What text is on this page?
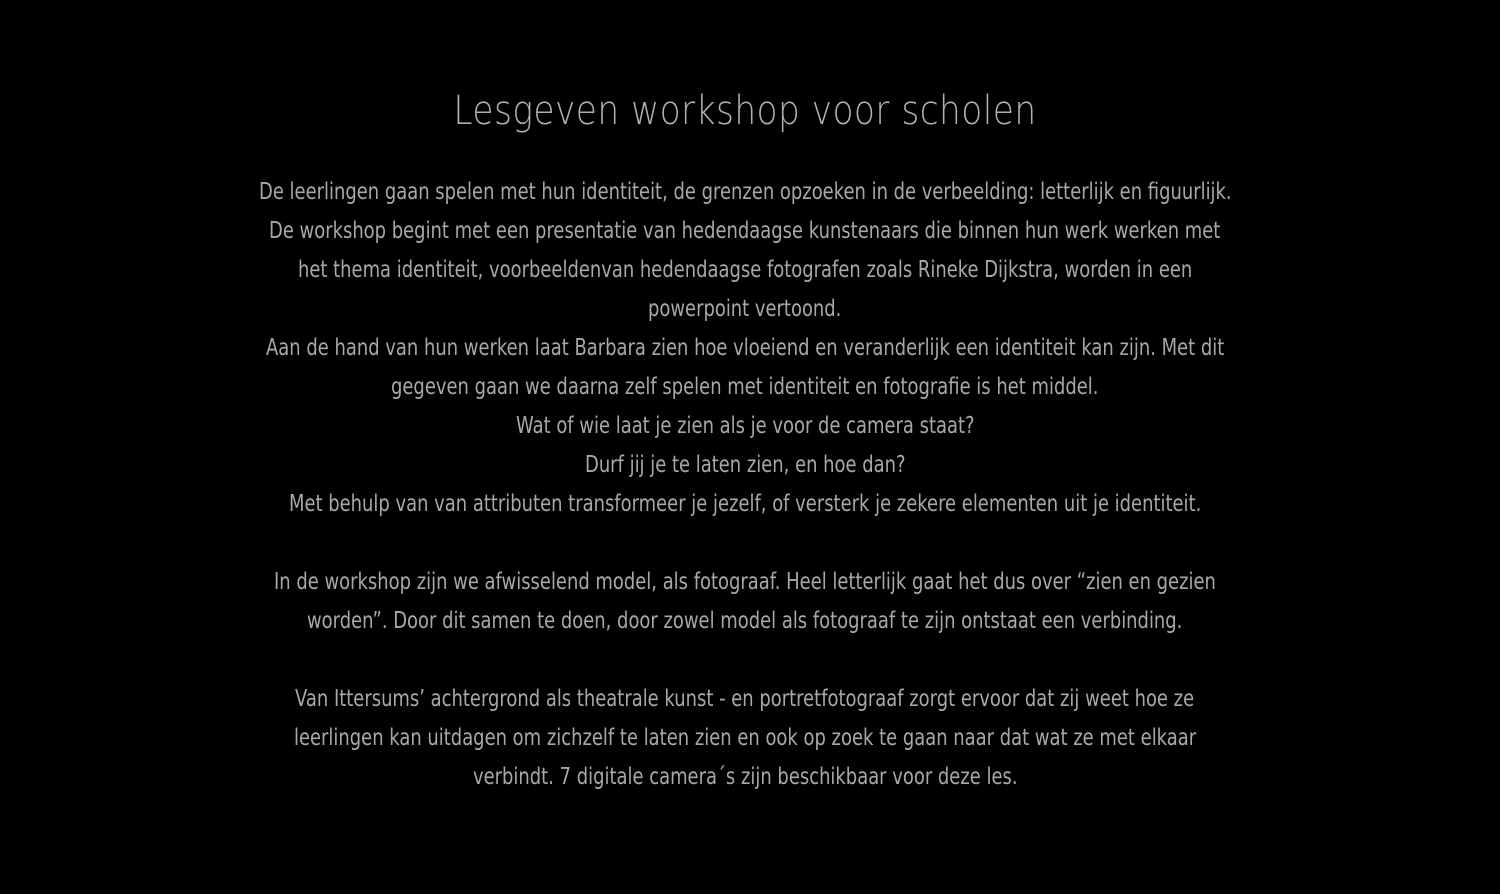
Lesgeven workshop voor scholen

De leerlingen gaan spelen met hun identiteit, de grenzen opzoeken in de verbeelding: letterlijk en figuurlijk.
De workshop begint met een presentatie van hedendaagse kunstenaars die binnen hun werk werken met
het thema identiteit, voorbeeldenvan hedendaagse fotografen zoals Rineke Dijkstra, worden in een
powerpoint vertoond.
Aan de hand van hun werken laat Barbara zien hoe vloeiend en veranderlijk een identiteit kan zijn. Met dit
gegeven gaan we daarna zelf spelen met identiteit en fotografie is het middel.
Wat of wie laat je zien als je voor de camera staat?
Durf jij je te laten zien, en hoe dan?
Met behulp van van attributen transformeer je jezelf, of versterk je zekere elementen uit je identiteit.

In de workshop zijn we afwisselend model, als fotograaf. Heel letterlijk gaat het dus over “zien en gezien
worden”. Door dit samen te doen, door zowel model als fotograaf te zijn ontstaat een verbinding.

Van Ittersums’ achtergrond als theatrale kunst - en portretfotograaf zorgt ervoor dat zij weet hoe ze
leerlingen kan uitdagen om zichzelf te laten zien en ook op zoek te gaan naar dat wat ze met elkaar
verbindt. 7 digitale camera´s zijn beschikbaar voor deze les.
